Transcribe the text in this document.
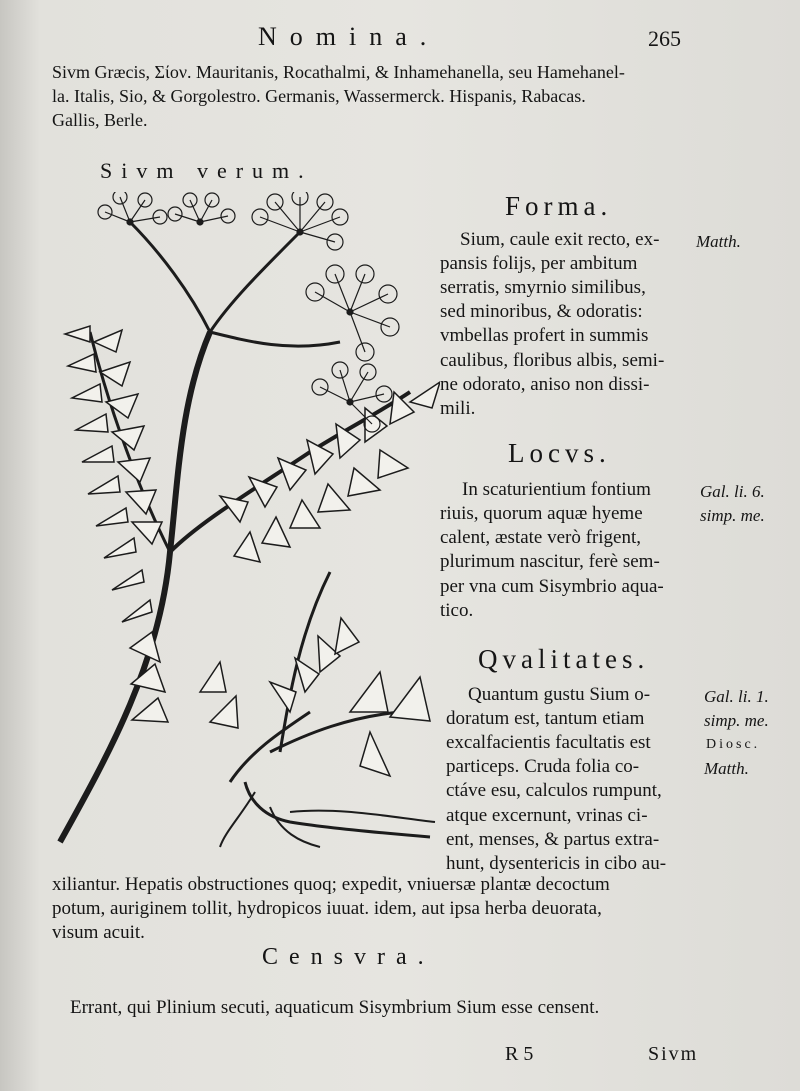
Nomina.	265
Sivm Græcis, Σίον. Mauritanis, Rocathalmi, & Inhamehanella, seu Hamehanel-
la. Italis, Sio, & Gorgolestro. Germanis, Wassermerck. Hispanis, Rabacas.
Gallis, Berle.
Sivm verum.
Forma.
Sium, caule exit recto, ex-
pansis folijs, per ambitum
serratis, smyrnio similibus,
sed minoribus, & odoratis:
vmbellas profert in summis
caulibus, floribus albis, semi-
ne odorato, aniso non dissi-
mili.
Matth.
Locvs.
In scaturientium fontium
riuis, quorum aquæ hyeme
calent, æstate verò frigent,
plurimum nascitur, ferè sem-
per vna cum Sisymbrio aqua-
tico.
Gal. li. 6.
simp. me.
Qvalitates.
Quantum gustu Sium o-
doratum est, tantum etiam
excalfacientis facultatis est
particeps. Cruda folia co-
ctáve esu, calculos rumpunt,
atque excernunt, vrinas ci-
ent, menses, & partus extra-
hunt, dysentericis in cibo au-
Gal. li. 1.
simp. me.
Diosc.
Matth.
xiliantur. Hepatis obstructiones quoq; expedit, vniuersæ plantæ decoctum
potum, auriginem tollit, hydropicos iuuat. idem, aut ipsa herba deuorata,
visum acuit.
Censvra.
Errant, qui Plinium secuti, aquaticum Sisymbrium Sium esse censent.
R 5	Sivm
